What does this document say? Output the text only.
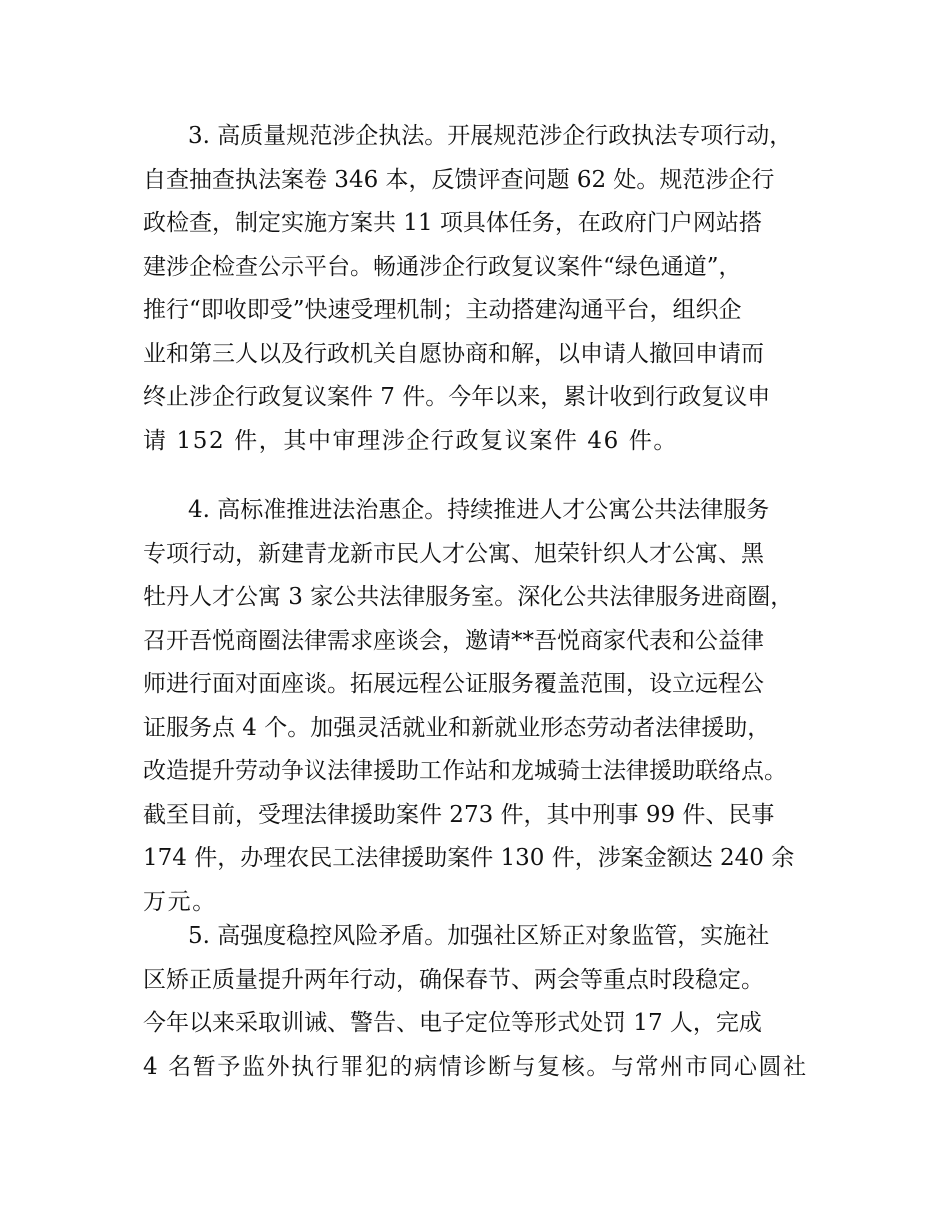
3. 高质量规范涉企执法。开展规范涉企行政执法专项行动，
自查抽查执法案卷 346 本，反馈评查问题 62 处。规范涉企行
政检查，制定实施方案共 11 项具体任务，在政府门户网站搭
建涉企检查公示平台。畅通涉企行政复议案件“绿色通道”，
推行“即收即受”快速受理机制；主动搭建沟通平台，组织企
业和第三人以及行政机关自愿协商和解，以申请人撤回申请而
终止涉企行政复议案件 7 件。今年以来，累计收到行政复议申
请 152 件，其中审理涉企行政复议案件 46 件。
4. 高标准推进法治惠企。持续推进人才公寓公共法律服务
专项行动，新建青龙新市民人才公寓、旭荣针织人才公寓、黑
牡丹人才公寓 3 家公共法律服务室。深化公共法律服务进商圈，
召开吾悦商圈法律需求座谈会，邀请**吾悦商家代表和公益律
师进行面对面座谈。拓展远程公证服务覆盖范围，设立远程公
证服务点 4 个。加强灵活就业和新就业形态劳动者法律援助，
改造提升劳动争议法律援助工作站和龙城骑士法律援助联络点。
截至目前，受理法律援助案件 273 件，其中刑事 99 件、民事
174 件，办理农民工法律援助案件 130 件，涉案金额达 240 余
万元。
5. 高强度稳控风险矛盾。加强社区矫正对象监管，实施社
区矫正质量提升两年行动，确保春节、两会等重点时段稳定。
今年以来采取训诫、警告、电子定位等形式处罚 17 人，完成
4 名暂予监外执行罪犯的病情诊断与复核。与常州市同心圆社
